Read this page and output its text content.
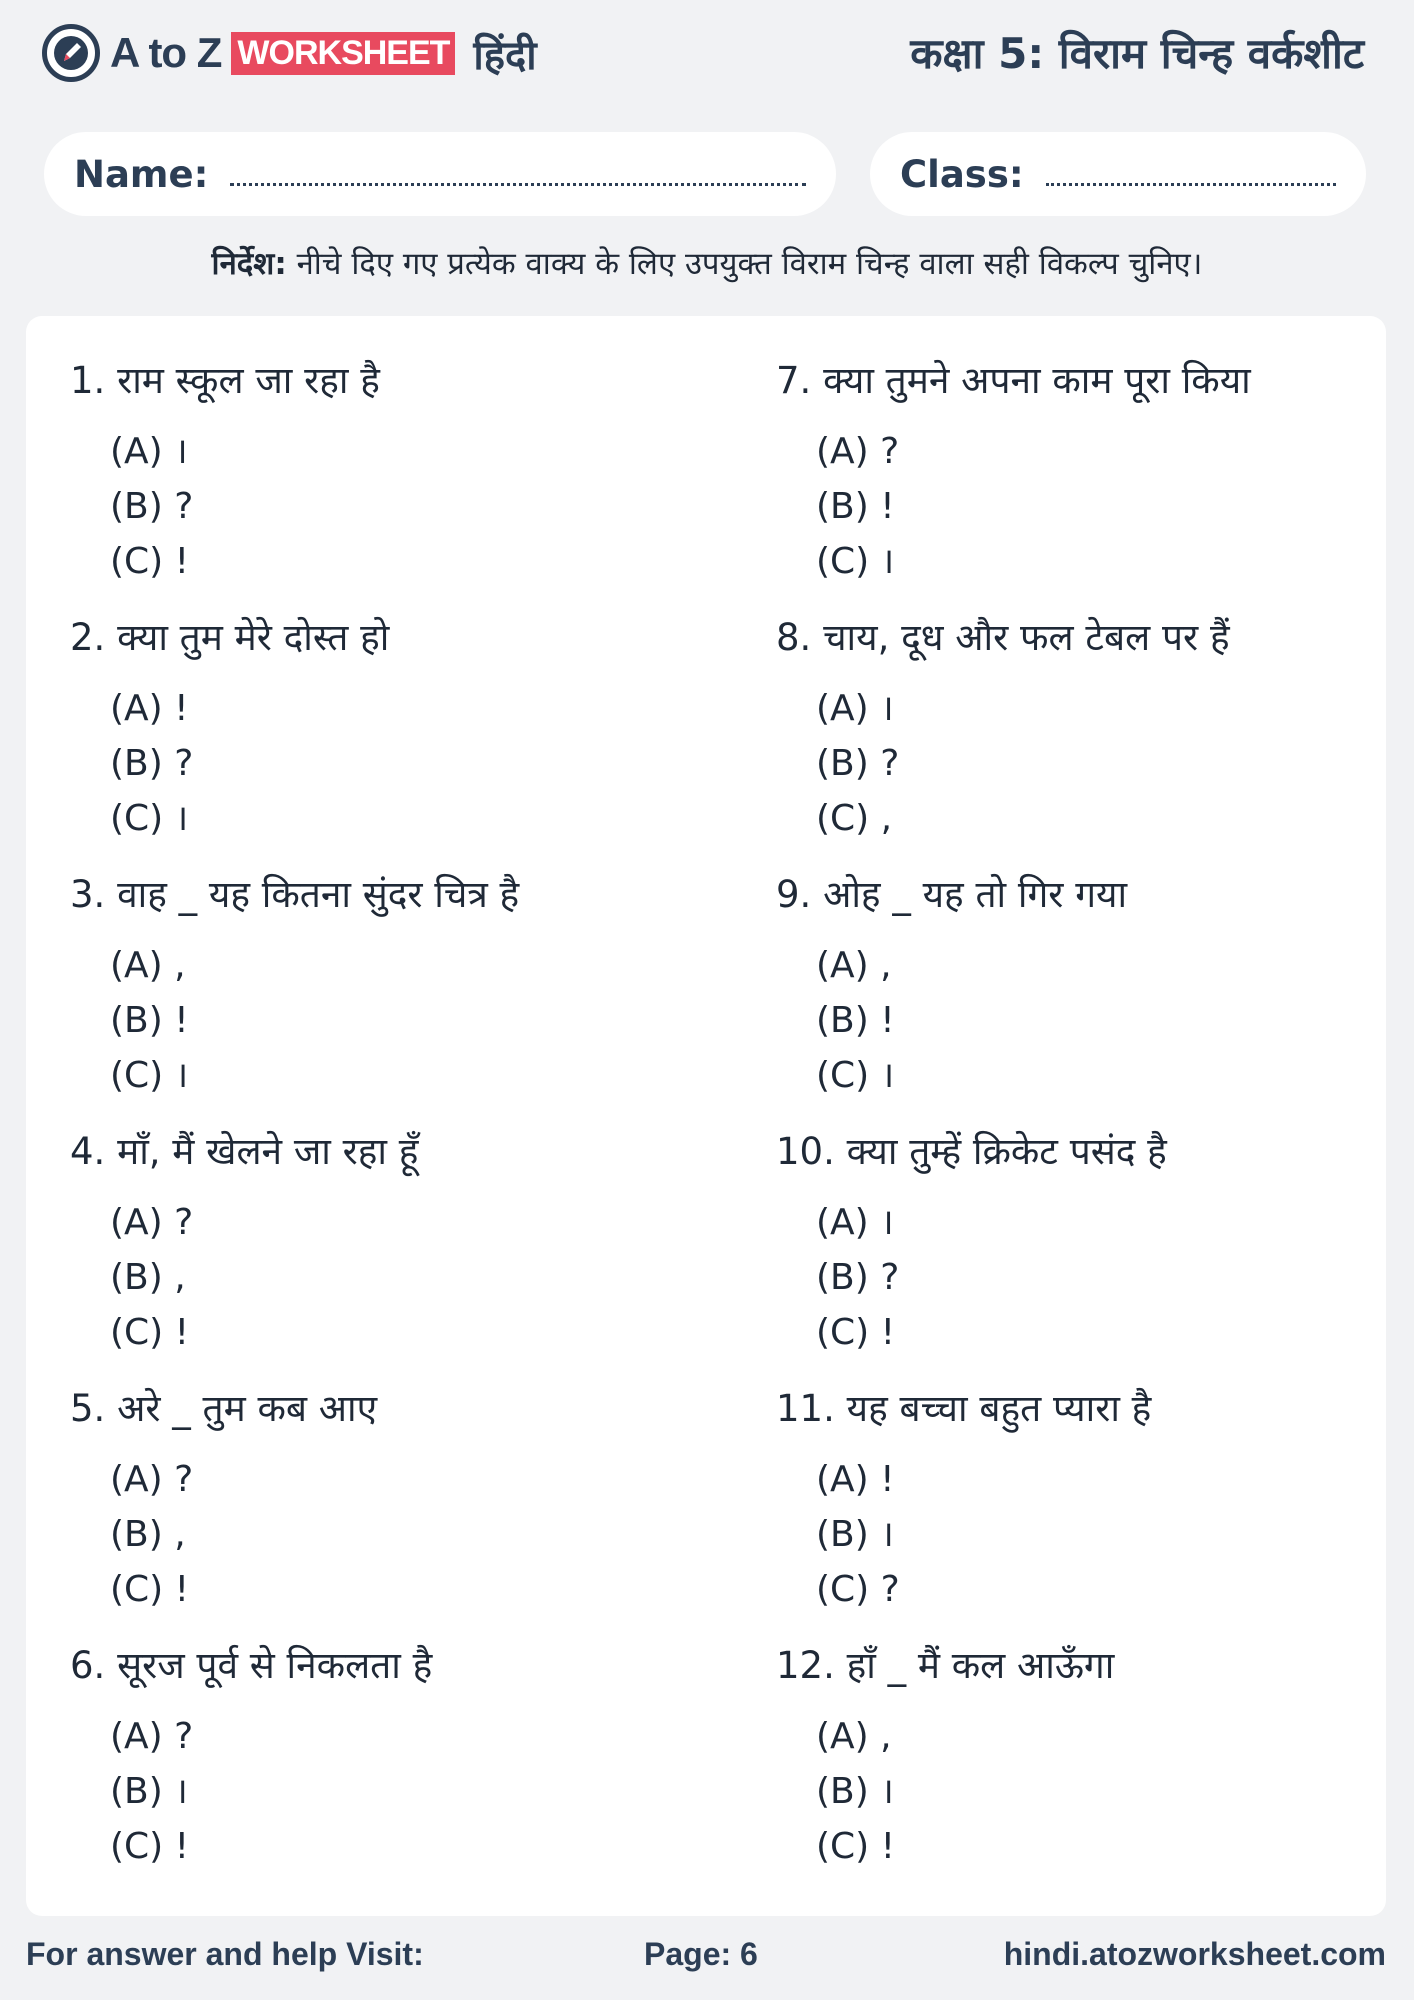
A to Z WORKSHEET हिंदी	कक्षा 5: विराम चिन्ह वर्कशीट
Name:	Class:
निर्देश: नीचे दिए गए प्रत्येक वाक्य के लिए उपयुक्त विराम चिन्ह वाला सही विकल्प चुनिए।
1. राम स्कूल जा रहा है
(A) ।
(B) ?
(C) !
2. क्या तुम मेरे दोस्त हो
(A) !
(B) ?
(C) ।
3. वाह _ यह कितना सुंदर चित्र है
(A) ,
(B) !
(C) ।
4. माँ, मैं खेलने जा रहा हूँ
(A) ?
(B) ,
(C) !
5. अरे _ तुम कब आए
(A) ?
(B) ,
(C) !
6. सूरज पूर्व से निकलता है
(A) ?
(B) ।
(C) !
7. क्या तुमने अपना काम पूरा किया
(A) ?
(B) !
(C) ।
8. चाय, दूध और फल टेबल पर हैं
(A) ।
(B) ?
(C) ,
9. ओह _ यह तो गिर गया
(A) ,
(B) !
(C) ।
10. क्या तुम्हें क्रिकेट पसंद है
(A) ।
(B) ?
(C) !
11. यह बच्चा बहुत प्यारा है
(A) !
(B) ।
(C) ?
12. हाँ _ मैं कल आऊँगा
(A) ,
(B) ।
(C) !
For answer and help Visit:	Page: 6	hindi.atozworksheet.com
